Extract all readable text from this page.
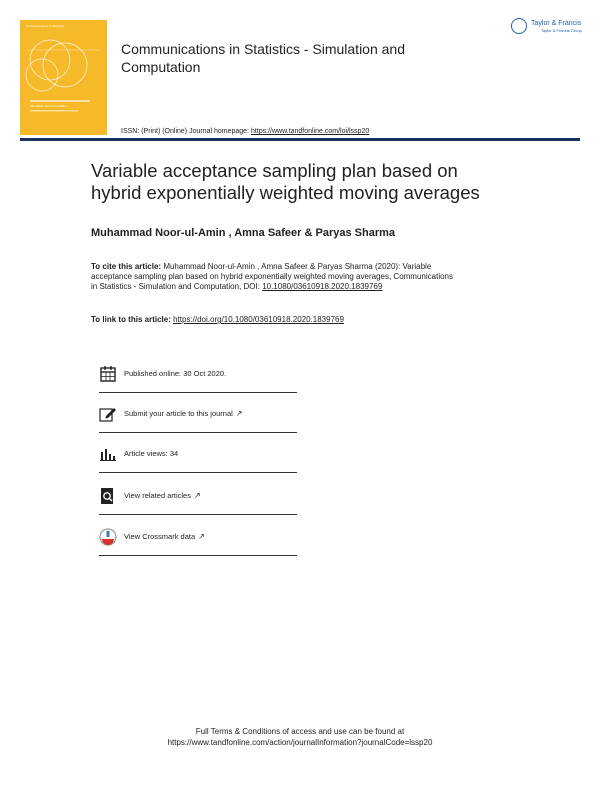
Communications in Statistics
Simulation and Computation
Taylor & Francis
Communications in Statistics - Simulation and Computation
Taylor & Francis
Taylor & Francis Group
ISSN: (Print) (Online) Journal homepage: https://www.tandfonline.com/loi/lssp20
Variable acceptance sampling plan based on hybrid exponentially weighted moving averages
Muhammad Noor-ul-Amin , Amna Safeer & Paryas Sharma
To cite this article: Muhammad Noor-ul-Amin , Amna Safeer & Paryas Sharma (2020): Variable acceptance sampling plan based on hybrid exponentially weighted moving averages, Communications in Statistics - Simulation and Computation, DOI: 10.1080/03610918.2020.1839769
To link to this article: https://doi.org/10.1080/03610918.2020.1839769
Published online: 30 Oct 2020.
Submit your article to this journal ↗
Article views: 34
View related articles ↗
View Crossmark data ↗
Full Terms & Conditions of access and use can be found at
https://www.tandfonline.com/action/journalInformation?journalCode=lssp20
